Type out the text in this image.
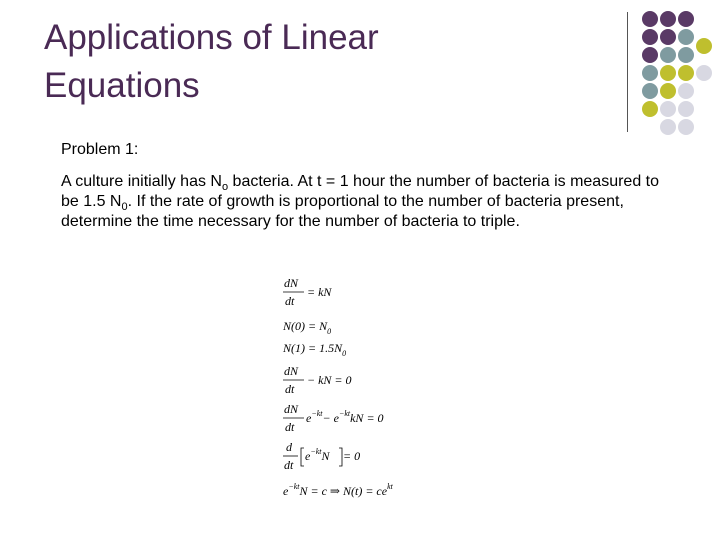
Applications of Linear
Equations

Problem 1:

A culture initially has $N_o$ bacteria. At t = 1 hour the number of bacteria is measured to be 1.5 $N_0$. If the rate of growth is proportional to the number of bacteria present, determine the time necessary for the number of bacteria to triple.

dN
dt
= kN
$N(0) = N_0$
$N(1) = 1.5N_0$
dN
dt
− kN = 0
dN
dt
$e^{-kt}- e^{-kt}kN = 0$
d
dt
$e^{-kt}N = 0$
$e^{-kt}N = c$ ⇒ $N(t) = ce^{kt}$
